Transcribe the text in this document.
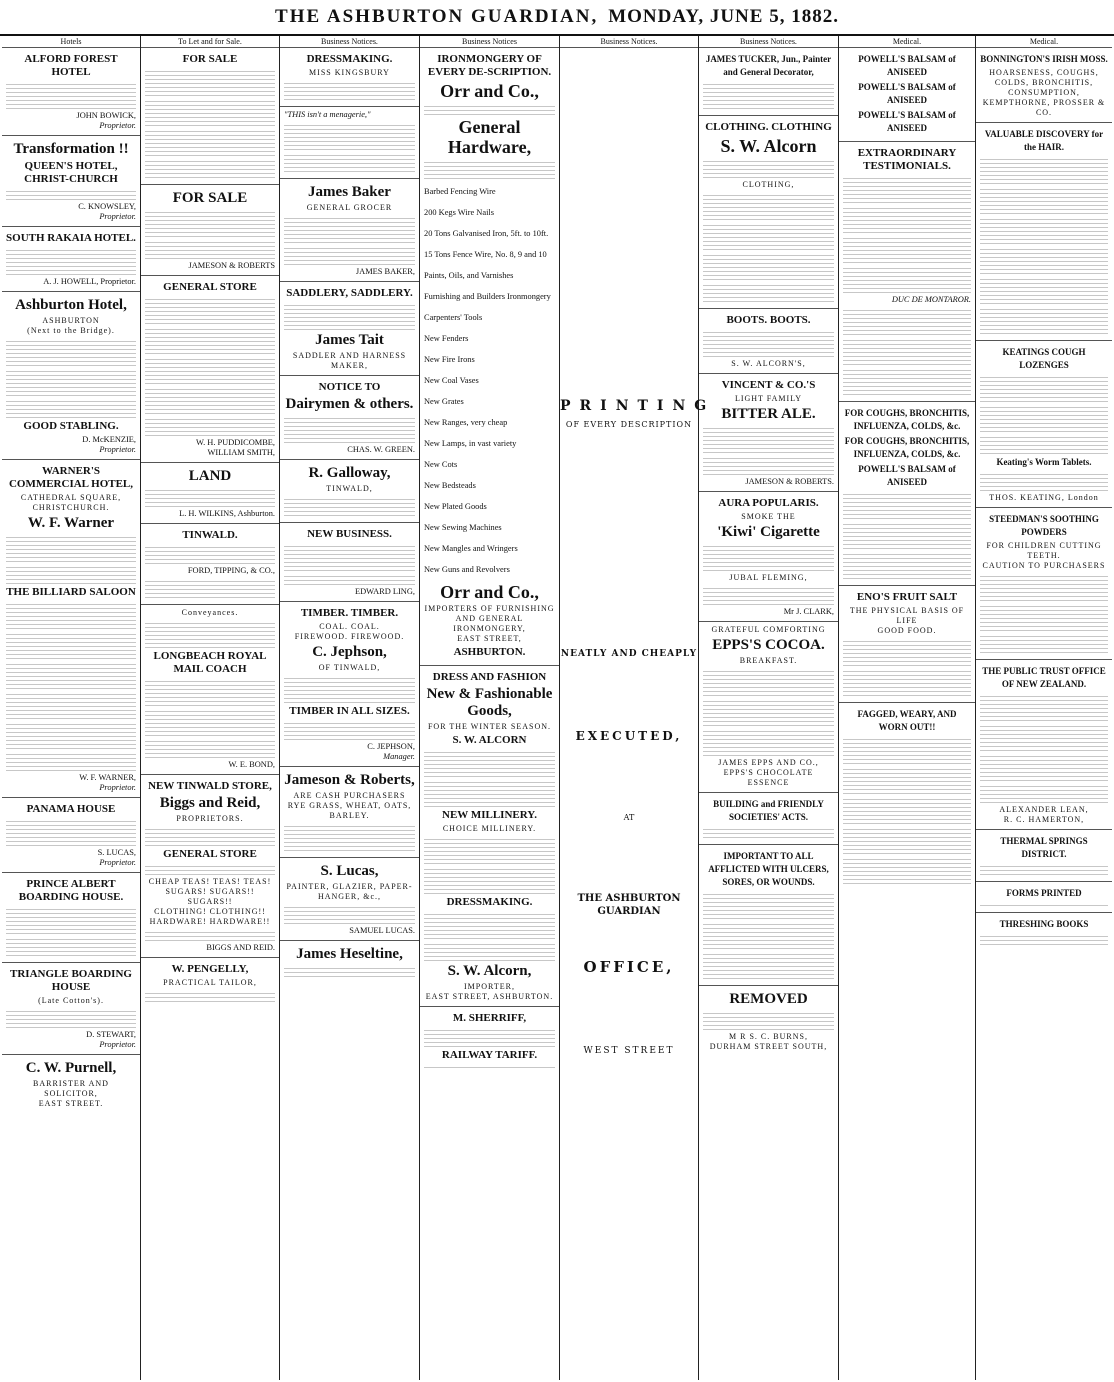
THE ASHBURTON GUARDIAN, MONDAY, JUNE 5, 1882.
Hotels
ALFORD FOREST HOTEL
JOHN BOWICK,
Proprietor.
Transformation !!
QUEEN'S HOTEL, CHRIST-CHURCH
C. KNOWSLEY,
Proprietor.
SOUTH RAKAIA HOTEL.
A. J. HOWELL, Proprietor.
Ashburton Hotel,
ASHBURTON
(Next to the Bridge).
GOOD STABLING.
D. McKENZIE,
Proprietor.
WARNER'S COMMERCIAL HOTEL,
CATHEDRAL SQUARE, CHRISTCHURCH.
W. F. Warner
THE BILLIARD SALOON
W. F. WARNER,
Proprietor.
PANAMA HOUSE
S. LUCAS,
Proprietor.
PRINCE ALBERT BOARDING HOUSE.
TRIANGLE BOARDING HOUSE
(Late Cotton's).
D. STEWART,
Proprietor.
C. W. Purnell,
BARRISTER AND SOLICITOR,
EAST STREET.
To Let and for Sale.
FOR SALE
FOR SALE
JAMESON & ROBERTS
GENERAL STORE
W. H. PUDDICOMBE,
WILLIAM SMITH,
LAND
L. H. WILKINS, Ashburton.
TINWALD.
FORD, TIPPING, & CO.,
Conveyances.
LONGBEACH ROYAL MAIL COACH
W. E. BOND,
NEW TINWALD STORE,
Biggs and Reid,
PROPRIETORS.
GENERAL STORE
CHEAP TEAS! TEAS! TEAS!
SUGARS! SUGARS!! SUGARS!!
CLOTHING! CLOTHING!!
HARDWARE! HARDWARE!!
BIGGS AND REID.
W. PENGELLY,
PRACTICAL TAILOR,
Business Notices.
DRESSMAKING.
MISS KINGSBURY
"THIS isn't a menagerie,"
James Baker
GENERAL GROCER
JAMES BAKER,
SADDLERY, SADDLERY.
James Tait
SADDLER AND HARNESS MAKER,
NOTICE TO
Dairymen & others.
CHAS. W. GREEN.
R. Galloway,
TINWALD,
NEW BUSINESS.
EDWARD LING,
TIMBER. TIMBER.
COAL. COAL.
FIREWOOD. FIREWOOD.
C. Jephson,
OF TINWALD,
TIMBER IN ALL SIZES.
C. JEPHSON,
Manager.
Jameson & Roberts,
ARE CASH PURCHASERS
RYE GRASS, WHEAT, OATS, BARLEY.
S. Lucas,
PAINTER, GLAZIER, PAPER-HANGER, &c.,
SAMUEL LUCAS.
James Heseltine,
Business Notices
IRONMONGERY OF EVERY DE-SCRIPTION.
Orr and Co.,
General Hardware,
Barbed Fencing Wire
200 Kegs Wire Nails
20 Tons Galvanised Iron, 5ft. to 10ft.
15 Tons Fence Wire, No. 8, 9 and 10
Paints, Oils, and Varnishes
Furnishing and Builders Ironmongery
Carpenters' Tools
New Fenders
New Fire Irons
New Coal Vases
New Grates
New Ranges, very cheap
New Lamps, in vast variety
New Cots
New Bedsteads
New Plated Goods
New Sewing Machines
New Mangles and Wringers
New Guns and Revolvers
Orr and Co.,
IMPORTERS OF FURNISHING AND GENERAL IRONMONGERY,
EAST STREET,
ASHBURTON.
DRESS AND FASHION
New & Fashionable Goods,
FOR THE WINTER SEASON.
S. W. ALCORN
NEW MILLINERY.
CHOICE MILLINERY.
DRESSMAKING.
S. W. Alcorn,
IMPORTER,
EAST STREET, ASHBURTON.
M. SHERRIFF,
RAILWAY TARIFF.
Business Notices.
PRINTING
OF EVERY DESCRIPTION
NEATLY AND CHEAPLY
EXECUTED,
AT
THE ASHBURTON GUARDIAN
OFFICE,
WEST STREET
Business Notices.
JAMES TUCKER, Jun., Painter and General Decorator,
CLOTHING. CLOTHING
S. W. Alcorn
CLOTHING,
BOOTS. BOOTS.
S. W. ALCORN'S,
VINCENT & CO.'S
LIGHT FAMILY
BITTER ALE.
JAMESON & ROBERTS.
AURA POPULARIS.
SMOKE THE
'Kiwi' Cigarette
JUBAL FLEMING,
Mr J. CLARK,
GRATEFUL COMFORTING
EPPS'S COCOA.
BREAKFAST.
JAMES EPPS AND CO.,
EPPS'S CHOCOLATE ESSENCE
BUILDING and FRIENDLY SOCIETIES' ACTS.
IMPORTANT TO ALL AFFLICTED WITH ULCERS, SORES, OR WOUNDS.
REMOVED
M R S. C. BURNS,
DURHAM STREET SOUTH,
Medical.
POWELL'S BALSAM of ANISEED
POWELL'S BALSAM of ANISEED
POWELL'S BALSAM of ANISEED
EXTRAORDINARY TESTIMONIALS.
DUC DE MONTAROR.
FOR COUGHS, BRONCHITIS, INFLUENZA, COLDS, &c.
FOR COUGHS, BRONCHITIS, INFLUENZA, COLDS, &c.
POWELL'S BALSAM of ANISEED
ENO'S FRUIT SALT
THE PHYSICAL BASIS OF LIFE
GOOD FOOD.
FAGGED, WEARY, AND WORN OUT!!
Medical.
BONNINGTON'S IRISH MOSS.
HOARSENESS, COUGHS, COLDS, BRONCHITIS, CONSUMPTION,
KEMPTHORNE, PROSSER & CO.
VALUABLE DISCOVERY for the HAIR.
KEATINGS COUGH LOZENGES
Keating's Worm Tablets.
THOS. KEATING, London
STEEDMAN'S SOOTHING POWDERS
FOR CHILDREN CUTTING TEETH.
CAUTION TO PURCHASERS
THE PUBLIC TRUST OFFICE OF NEW ZEALAND.
ALEXANDER LEAN,
R. C. HAMERTON,
THERMAL SPRINGS DISTRICT.
FORMS PRINTED
THRESHING BOOKS
